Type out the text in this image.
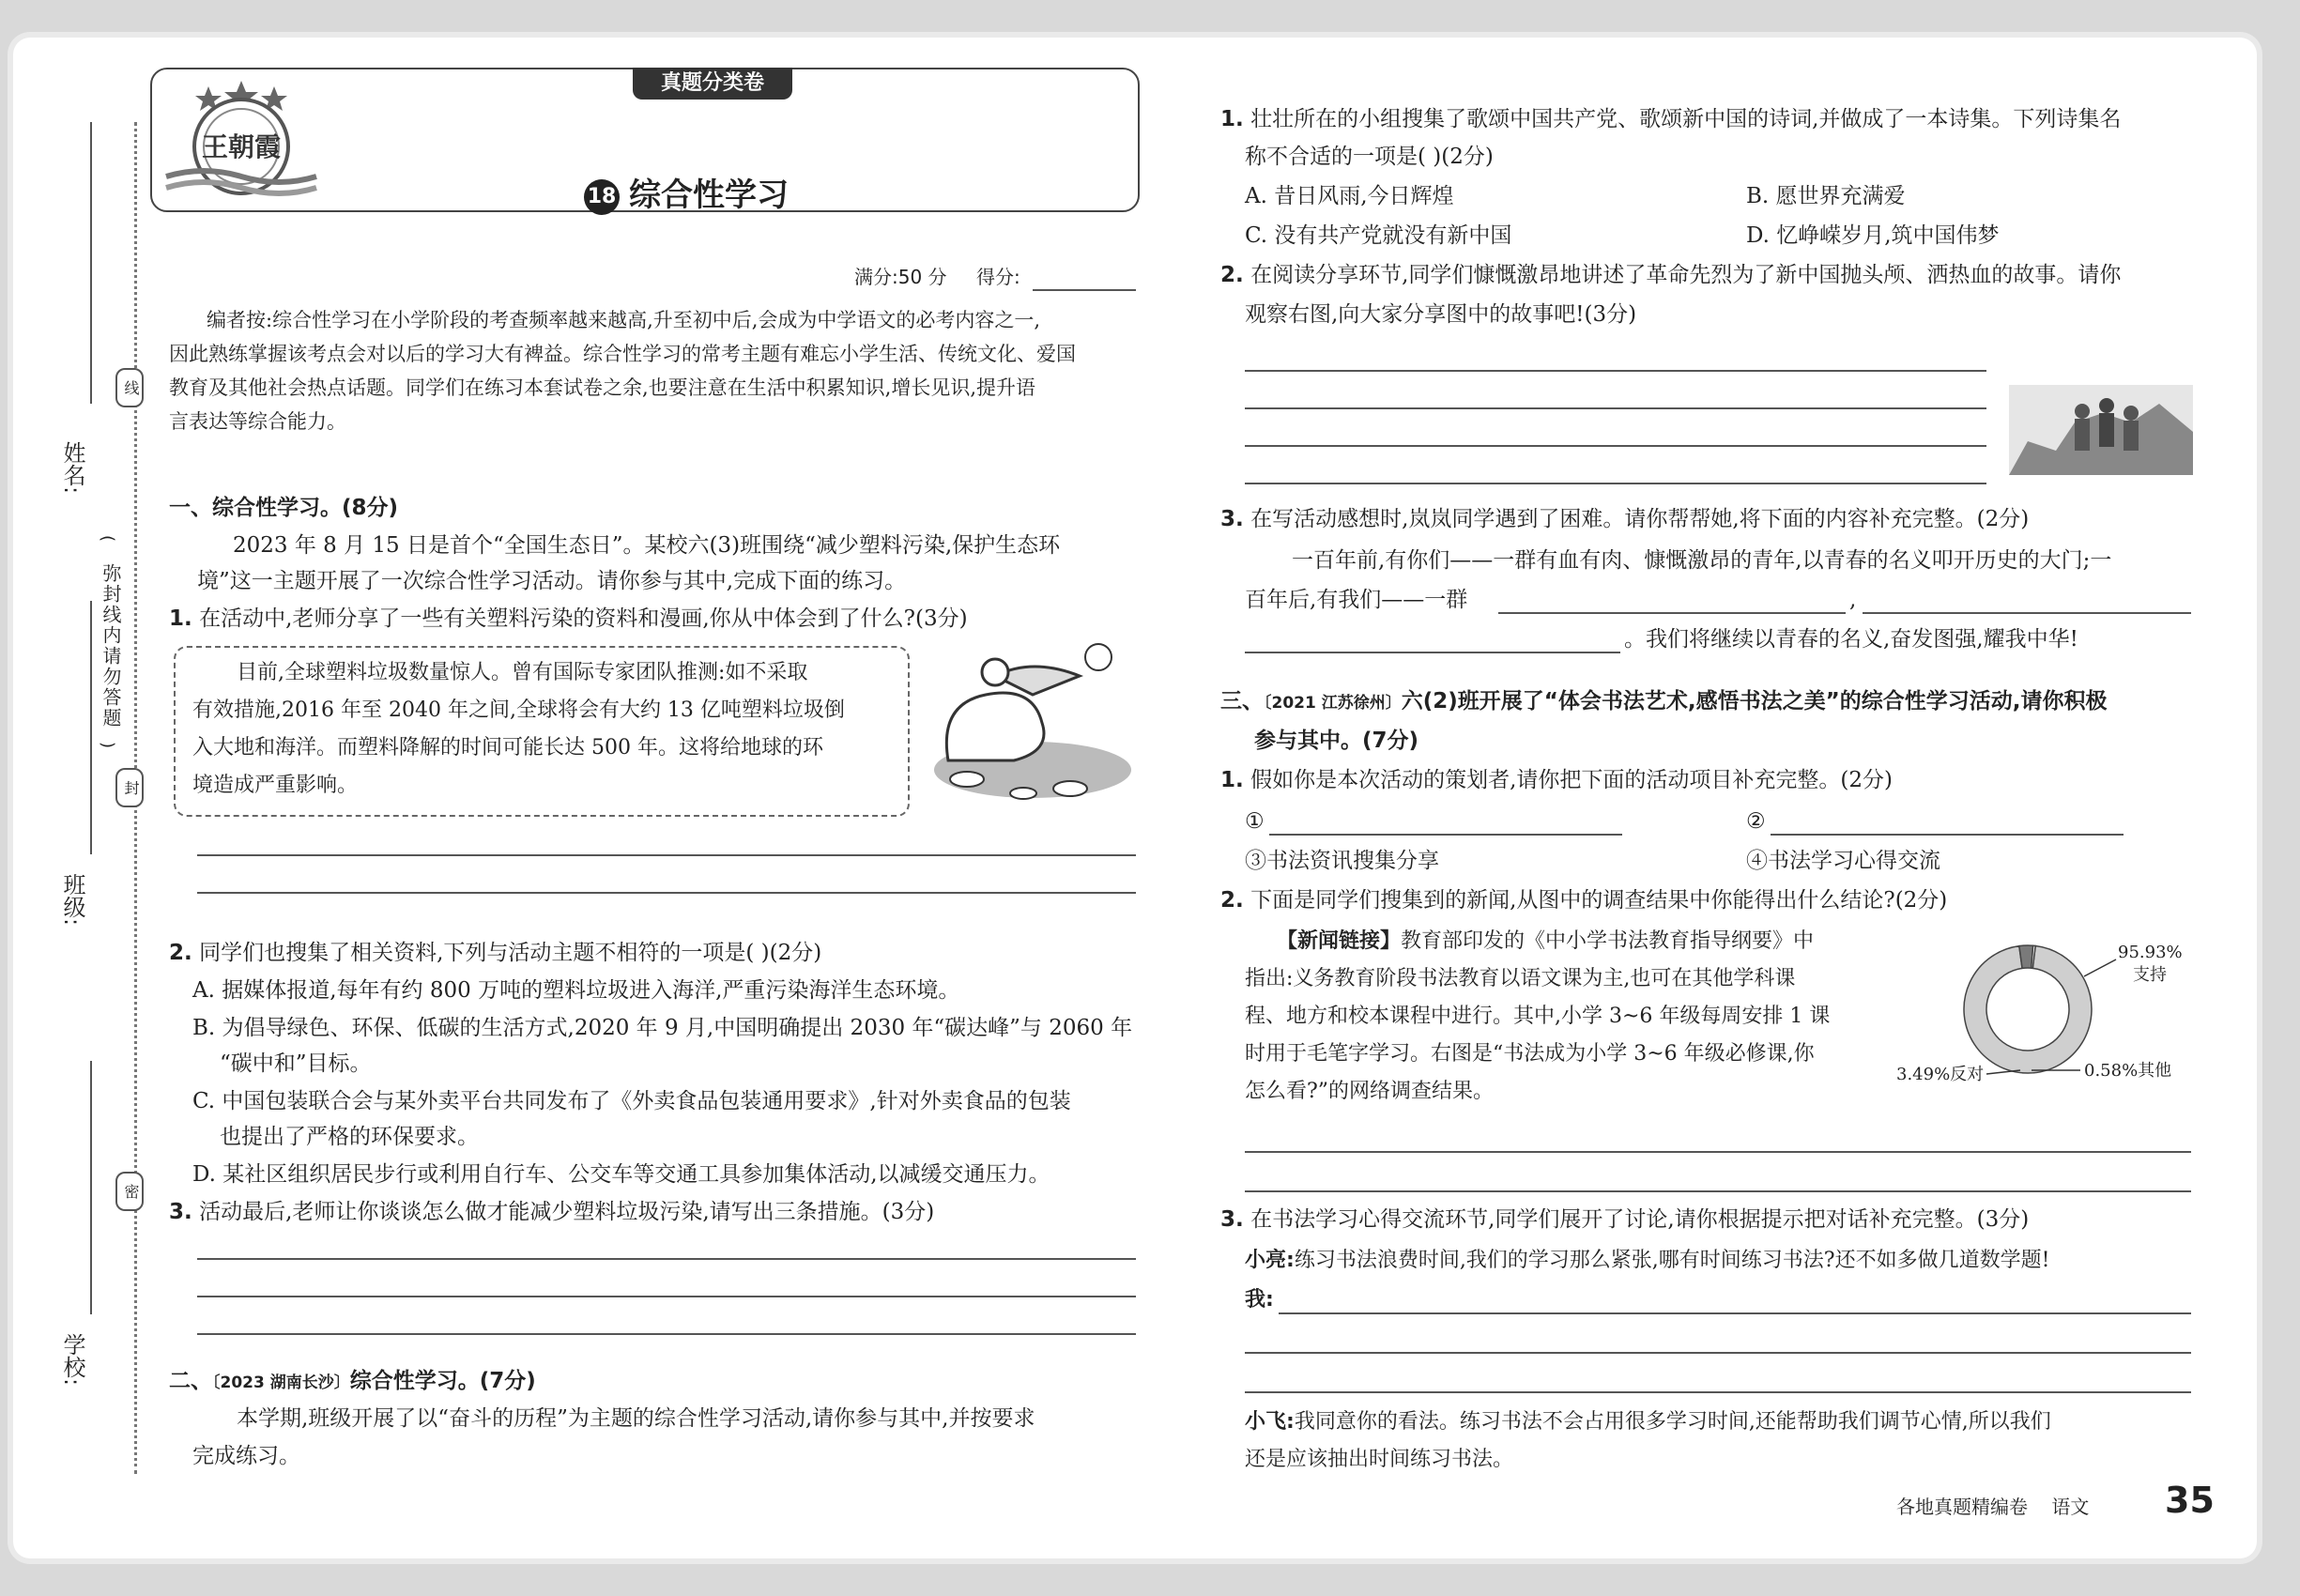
姓名:
班级:
学校:
线
封
密
(
弥封线内请勿答题
)
真题分类卷
王朝霞
18 综合性学习
满分:50 分 得分:
编者按:综合性学习在小学阶段的考查频率越来越高,升至初中后,会成为中学语文的必考内容之一,
因此熟练掌握该考点会对以后的学习大有裨益。综合性学习的常考主题有难忘小学生活、传统文化、爱国
教育及其他社会热点话题。同学们在练习本套试卷之余,也要注意在生活中积累知识,增长见识,提升语
言表达等综合能力。
一、综合性学习。(8分)
2023 年 8 月 15 日是首个“全国生态日”。某校六(3)班围绕“减少塑料污染,保护生态环
境”这一主题开展了一次综合性学习活动。请你参与其中,完成下面的练习。
1. 在活动中,老师分享了一些有关塑料污染的资料和漫画,你从中体会到了什么?(3分)
目前,全球塑料垃圾数量惊人。曾有国际专家团队推测:如不采取
有效措施,2016 年至 2040 年之间,全球将会有大约 13 亿吨塑料垃圾倒
入大地和海洋。而塑料降解的时间可能长达 500 年。这将给地球的环
境造成严重影响。
2. 同学们也搜集了相关资料,下列与活动主题不相符的一项是( )(2分)
A. 据媒体报道,每年有约 800 万吨的塑料垃圾进入海洋,严重污染海洋生态环境。
B. 为倡导绿色、环保、低碳的生活方式,2020 年 9 月,中国明确提出 2030 年“碳达峰”与 2060 年
“碳中和”目标。
C. 中国包装联合会与某外卖平台共同发布了《外卖食品包装通用要求》,针对外卖食品的包装
也提出了严格的环保要求。
D. 某社区组织居民步行或利用自行车、公交车等交通工具参加集体活动,以减缓交通压力。
3. 活动最后,老师让你谈谈怎么做才能减少塑料垃圾污染,请写出三条措施。(3分)
二、〔2023 湖南长沙〕综合性学习。(7分)
本学期,班级开展了以“奋斗的历程”为主题的综合性学习活动,请你参与其中,并按要求
完成练习。
1. 壮壮所在的小组搜集了歌颂中国共产党、歌颂新中国的诗词,并做成了一本诗集。下列诗集名
称不合适的一项是( )(2分)
A. 昔日风雨,今日辉煌	B. 愿世界充满爱
C. 没有共产党就没有新中国	D. 忆峥嵘岁月,筑中国伟梦
2. 在阅读分享环节,同学们慷慨激昂地讲述了革命先烈为了新中国抛头颅、洒热血的故事。请你
观察右图,向大家分享图中的故事吧!(3分)
3. 在写活动感想时,岚岚同学遇到了困难。请你帮帮她,将下面的内容补充完整。(2分)
一百年前,有你们——一群有血有肉、慷慨激昂的青年,以青春的名义叩开历史的大门;一
百年后,有我们——一群	,
。我们将继续以青春的名义,奋发图强,耀我中华!
三、〔2021 江苏徐州〕六(2)班开展了“体会书法艺术,感悟书法之美”的综合性学习活动,请你积极
参与其中。(7分)
1. 假如你是本次活动的策划者,请你把下面的活动项目补充完整。(2分)
①	②
③书法资讯搜集分享	④书法学习心得交流
2. 下面是同学们搜集到的新闻,从图中的调查结果中你能得出什么结论?(2分)
【新闻链接】教育部印发的《中小学书法教育指导纲要》中
指出:义务教育阶段书法教育以语文课为主,也可在其他学科课
程、地方和校本课程中进行。其中,小学 3~6 年级每周安排 1 课
时用于毛笔字学习。右图是“书法成为小学 3~6 年级必修课,你
怎么看?”的网络调查结果。
95.93%
支持
3.49%反对	0.58%其他
3. 在书法学习心得交流环节,同学们展开了讨论,请你根据提示把对话补充完整。(3分)
小亮:练习书法浪费时间,我们的学习那么紧张,哪有时间练习书法?还不如多做几道数学题!
我:
小飞:我同意你的看法。练习书法不会占用很多学习时间,还能帮助我们调节心情,所以我们
还是应该抽出时间练习书法。
各地真题精编卷    语文 35
